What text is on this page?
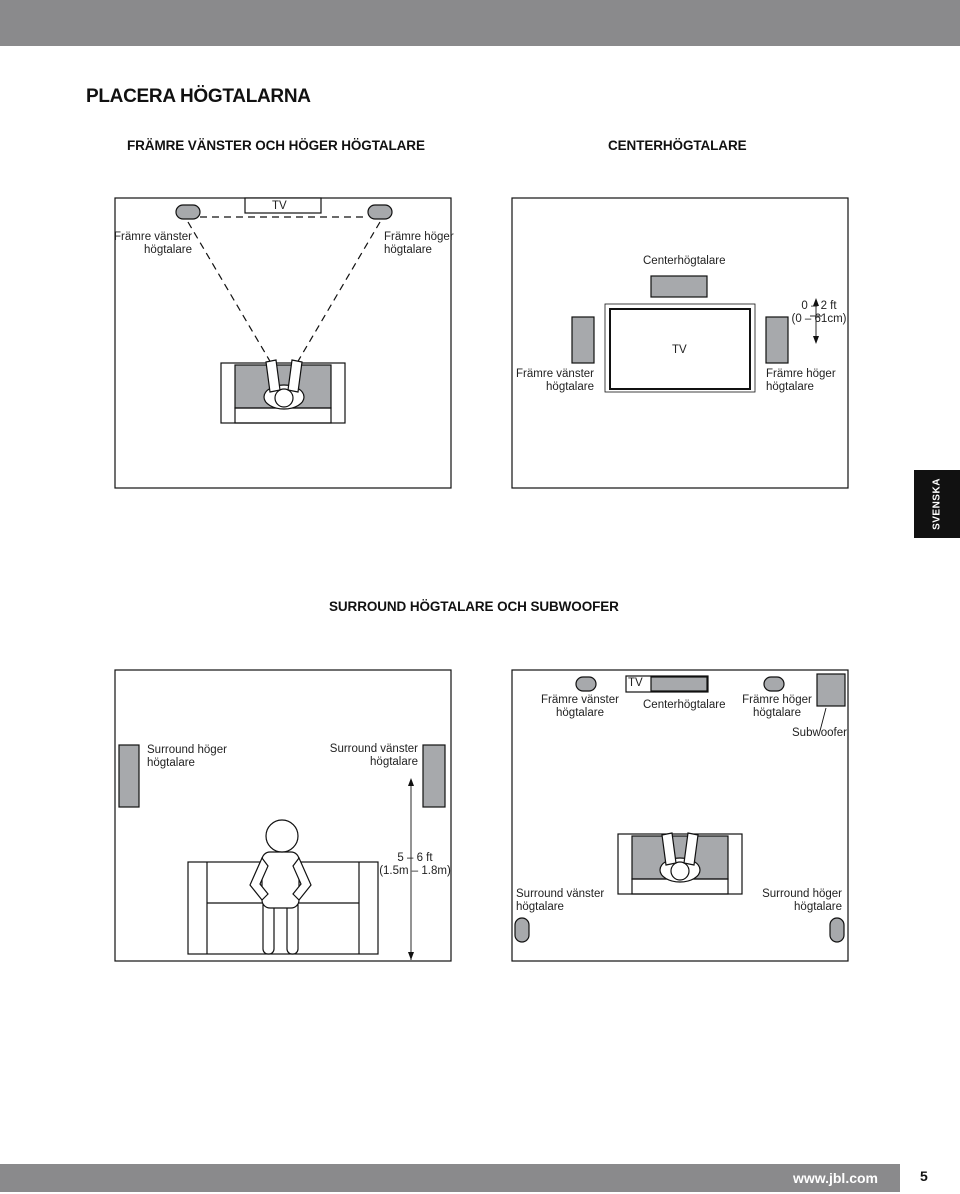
PLACERA HÖGTALARNA
FRÄMRE VÄNSTER OCH HÖGER HÖGTALARE	CENTERHÖGTALARE
SURROUND HÖGTALARE OCH SUBWOOFER
TV
Främre vänster
högtalare
Främre höger
högtalare
Centerhögtalare
0 – 2 ft
(0 – 61cm)
TV
Främre vänster
högtalare
Främre höger
högtalare
Surround höger
högtalare
Surround vänster
högtalare
5 – 6 ft
(1.5m – 1.8m)
TV
Främre vänster
högtalare
Centerhögtalare Främre höger
högtalare
Subwoofer
Surround vänster
högtalare
Surround höger
högtalare
SVENSKA
www.jbl.com	5
